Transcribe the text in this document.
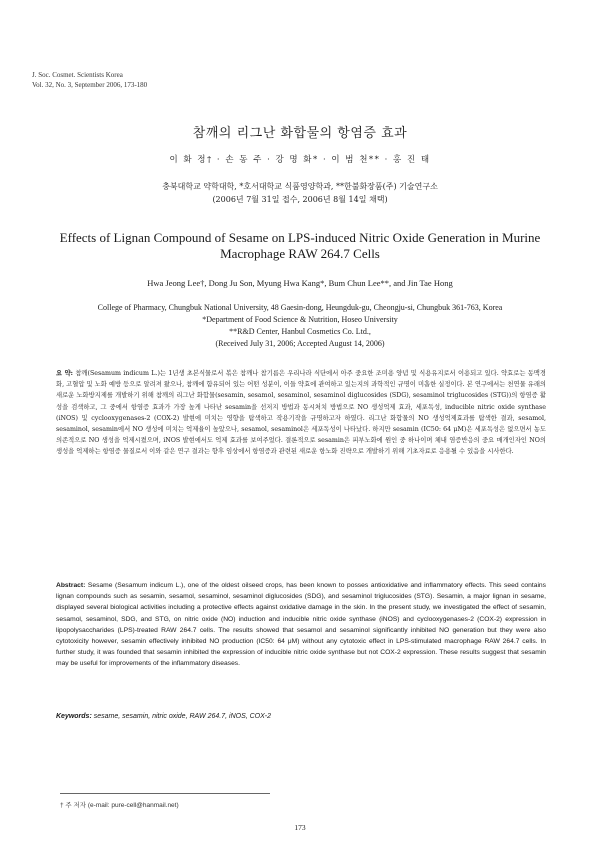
J. Soc. Cosmet. Scientists Korea
Vol. 32, No. 3, September 2006, 173-180
참깨의 리그난 화합물의 항염증 효과
이 화 정† · 손 동 주 · 강 명 화* · 이 범 천** · 홍 진 태
충북대학교 약학대학, *호서대학교 식품영양학과, **한불화장품(주) 기술연구소
(2006년 7월 31일 접수, 2006년 8월 14일 채택)
Effects of Lignan Compound of Sesame on LPS-induced Nitric Oxide Generation in Murine Macrophage RAW 264.7 Cells
Hwa Jeong Lee†, Dong Ju Son, Myung Hwa Kang*, Bum Chun Lee**, and Jin Tae Hong
College of Pharmacy, Chungbuk National University, 48 Gaesin-dong, Heungduk-gu, Cheongju-si, Chungbuk 361-763, Korea
*Department of Food Science & Nutrition, Hoseo University
**R&D Center, Hanbul Cosmetics Co. Ltd.,
(Received July 31, 2006; Accepted August 14, 2006)
요 약: 참깨(Sesamum indicum L.)는 1년생 초본식물로서 볶은 참깨나 참기름은 우리나라 식단에서 아주 중요한 조미용 양념 및 식용유지로서 이용되고 있다. 약효로는 동맥경화, 고혈압 및 노화 예방 등으로 알려져 왔으나, 참깨에 함유되어 있는 어떤 성분이, 이들 약효에 관여하고 있는지의 과학적인 규명이 미흡한 실정이다. 본 연구에서는 천연물 유래의 새로운 노화방지제를 개발하기 위해 참깨의 리그난 화합물(sesamin, sesamol, sesaminol, sesaminol diglucosides (SDG), sesaminol triglucosides (STG))의 항염증 활성을 검색하고, 그 중에서 항염증 효과가 가장 높게 나타난 sesamin을 선저지 방법과 동시처치 방법으로 NO 생성억제 효과, 세포독성, inducible nitric oxide synthase (iNOS) 및 cyclooxygenases-2 (COX-2) 발현에 미치는 영향을 탐색하고 작용기작을 규명하고자 하였다. 리그난 화합물의 NO 생성억제효과를 탐색한 결과, sesamol, sesaminol, sesamin에서 NO 생성에 미치는 억제율이 높았으나, sesamol, sesaminol은 세포독성이 나타났다. 하지만 sesamin (IC50: 64 μM)은 세포독성은 없으면서 농도의존적으로 NO 생성을 억제시켰으며, iNOS 발현에서도 억제 효과를 보여주었다. 결론적으로 sesamin은 피부노화에 원인 중 하나이며 체내 염증반응의 중요 매개인자인 NO의 생성을 억제하는 항염증 물질로서 이와 같은 연구 결과는 향후 임상에서 항염증과 관련된 새로운 항노화 진략으로 개발하기 위해 기초자료로 응용될 수 있음을 시사한다.
Abstract: Sesame (Sesamum indicum L.), one of the oldest oilseed crops, has been known to posses antioxidative and inflammatory effects. This seed contains lignan compounds such as sesamin, sesamol, sesaminol, sesaminol diglucosides (SDG), and sesaminol triglucosides (STG). Sesamin, a major lignan in sesame, displayed several biological activities including a protective effects against oxidative damage in the skin. In the present study, we investigated the effect of sesamin, sesamol, sesaminol, SDG, and STG, on nitric oxide (NO) induction and inducible nitric oxide synthase (iNOS) and cyclooxygenases-2 (COX-2) expression in lipopolysaccharides (LPS)-treated RAW 264.7 cells. The results showed that sesamol and sesaminol significantly inhibited NO generation but they were also cytotoxicity however, sesamin effectively inhibited NO production (IC50: 64 μM) without any cytotoxic effect in LPS-stimulated macrophage RAW 264.7 cells. In further study, it was founded that sesamin inhibited the expression of inducible nitric oxide synthase but not COX-2 expression. These results suggest that sesamin may be useful for improvements of the inflammatory diseases.
Keywords: sesame, sesamin, nitric oxide, RAW 264.7, iNOS, COX-2
† 주 저자 (e-mail: pure-cell@hanmail.net)
173
